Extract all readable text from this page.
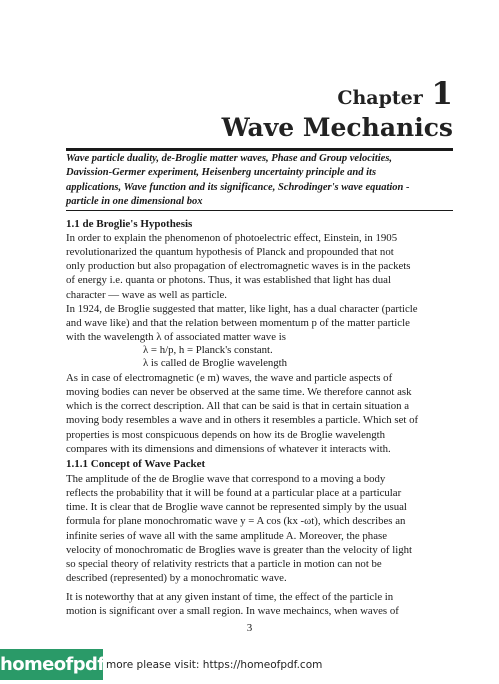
Chapter 1
Wave Mechanics
Wave particle duality, de-Broglie matter waves, Phase and Group velocities,
Davission-Germer experiment, Heisenberg uncertainty principle and its
applications, Wave function and its significance, Schrodinger's wave equation -
particle in one dimensional box
1.1 de Broglie's Hypothesis
In order to explain the phenomenon of photoelectric effect, Einstein, in 1905
revolutionarized the quantum hypothesis of Planck and propounded that not
only production but also propagation of electromagnetic waves is in the packets
of energy i.e. quanta or photons. Thus, it was established that light has dual
character — wave as well as particle.
In 1924, de Broglie suggested that matter, like light, has a dual character (particle
and wave like) and that the relation between momentum p of the matter particle
with the wavelength λ of associated matter wave is
λ = h/p, h = Planck's constant.
λ is called de Broglie wavelength
As in case of electromagnetic (e m) waves, the wave and particle aspects of
moving bodies can never be observed at the same time. We therefore cannot ask
which is the correct description. All that can be said is that in certain situation a
moving body resembles a wave and in others it resembles a particle. Which set of
properties is most conspicuous depends on how its de Broglie wavelength
compares with its dimensions and dimensions of whatever it interacts with.
1.1.1 Concept of Wave Packet
The amplitude of the de Broglie wave that correspond to a moving a body
reflects the probability that it will be found at a particular place at a particular
time. It is clear that de Broglie wave cannot be represented simply by the usual
formula for plane monochromatic wave y = A cos (kx -ωt), which describes an
infinite series of wave all with the same amplitude A. Moreover, the phase
velocity of monochromatic de Broglies wave is greater than the velocity of light
so special theory of relativity restricts that a particle in motion can not be
described (represented) by a monochromatic wave.
It is noteworthy that at any given instant of time, the effect of the particle in
motion is significant over a small region. In wave mechaincs, when waves of
3
homeofpdf.com
more please visit: https://homeofpdf.com
